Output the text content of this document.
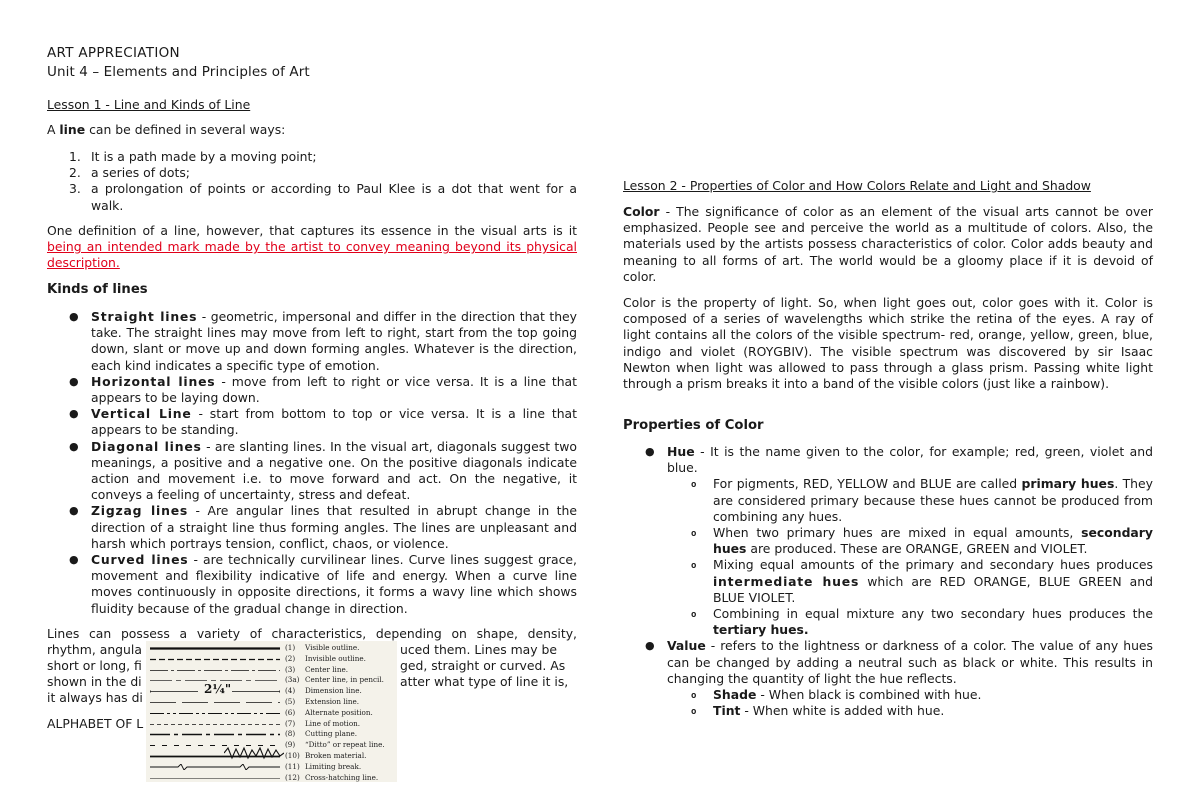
ART APPRECIATION
Unit 4 – Elements and Principles of Art
Lesson 1 - Line and Kinds of Line
A line can be defined in several ways:
1. It is a path made by a moving point;
2. a series of dots;
3. a prolongation of points or according to Paul Klee is a dot that went for a walk.

One definition of a line, however, that captures its essence in the visual arts is it being an intended mark made by the artist to convey meaning beyond its physical description.

Kinds of lines
● Straight lines - geometric, impersonal and differ in the direction that they take. The straight lines may move from left to right, start from the top going down, slant or move up and down forming angles. Whatever is the direction, each kind indicates a specific type of emotion.
● Horizontal lines - move from left to right or vice versa. It is a line that appears to be laying down.
● Vertical Line - start from bottom to top or vice versa. It is a line that appears to be standing.
● Diagonal lines - are slanting lines. In the visual art, diagonals suggest two meanings, a positive and a negative one. On the positive diagonals indicate action and movement i.e. to move forward and act. On the negative, it conveys a feeling of uncertainty, stress and defeat.
● Zigzag lines - Are angular lines that resulted in abrupt change in the direction of a straight line thus forming angles. The lines are unpleasant and harsh which portrays tension, conflict, chaos, or violence.
● Curved lines - are technically curvilinear lines. Curve lines suggest grace, movement and flexibility indicative of life and energy. When a curve line moves continuously in opposite directions, it forms a wavy line which shows fluidity because of the gradual change in direction.
Lines can possess a variety of characteristics, depending on shape, density,
rhythm, angula	uced them. Lines may be
short or long, fi	ged, straight or curved. As
shown in the di	atter what type of line it is,
it always has di
ALPHABET OF L
(1) Visible outline.
(2) Invisible outline.
(3) Center line.
(3a) Center line, in pencil.
2¼"	(4) Dimension line.
(5) Extension line.
(6) Alternate position.
(7) Line of motion.
(8) Cutting plane.
(9) “Ditto” or repeat line.
(10) Broken material.
(11) Limiting break.
(12) Cross-hatching line.
Lesson 2 - Properties of Color and How Colors Relate and Light and Shadow

Color - The significance of color as an element of the visual arts cannot be over emphasized. People see and perceive the world as a multitude of colors. Also, the materials used by the artists possess characteristics of color. Color adds beauty and meaning to all forms of art. The world would be a gloomy place if it is devoid of color.

Color is the property of light. So, when light goes out, color goes with it. Color is composed of a series of wavelengths which strike the retina of the eyes. A ray of light contains all the colors of the visible spectrum- red, orange, yellow, green, blue, indigo and violet (ROYGBIV). The visible spectrum was discovered by sir Isaac Newton when light was allowed to pass through a glass prism. Passing white light through a prism breaks it into a band of the visible colors (just like a rainbow).

Properties of Color
● Hue - It is the name given to the color, for example; red, green, violet and blue.
o For pigments, RED, YELLOW and BLUE are called primary hues. They are considered primary because these hues cannot be produced from combining any hues.
o When two primary hues are mixed in equal amounts, secondary hues are produced. These are ORANGE, GREEN and VIOLET.
o Mixing equal amounts of the primary and secondary hues produces intermediate hues which are RED ORANGE, BLUE GREEN and BLUE VIOLET.
o Combining in equal mixture any two secondary hues produces the tertiary hues.
● Value - refers to the lightness or darkness of a color. The value of any hues can be changed by adding a neutral such as black or white. This results in changing the quantity of light the hue reflects.
o Shade - When black is combined with hue.
o Tint - When white is added with hue.
